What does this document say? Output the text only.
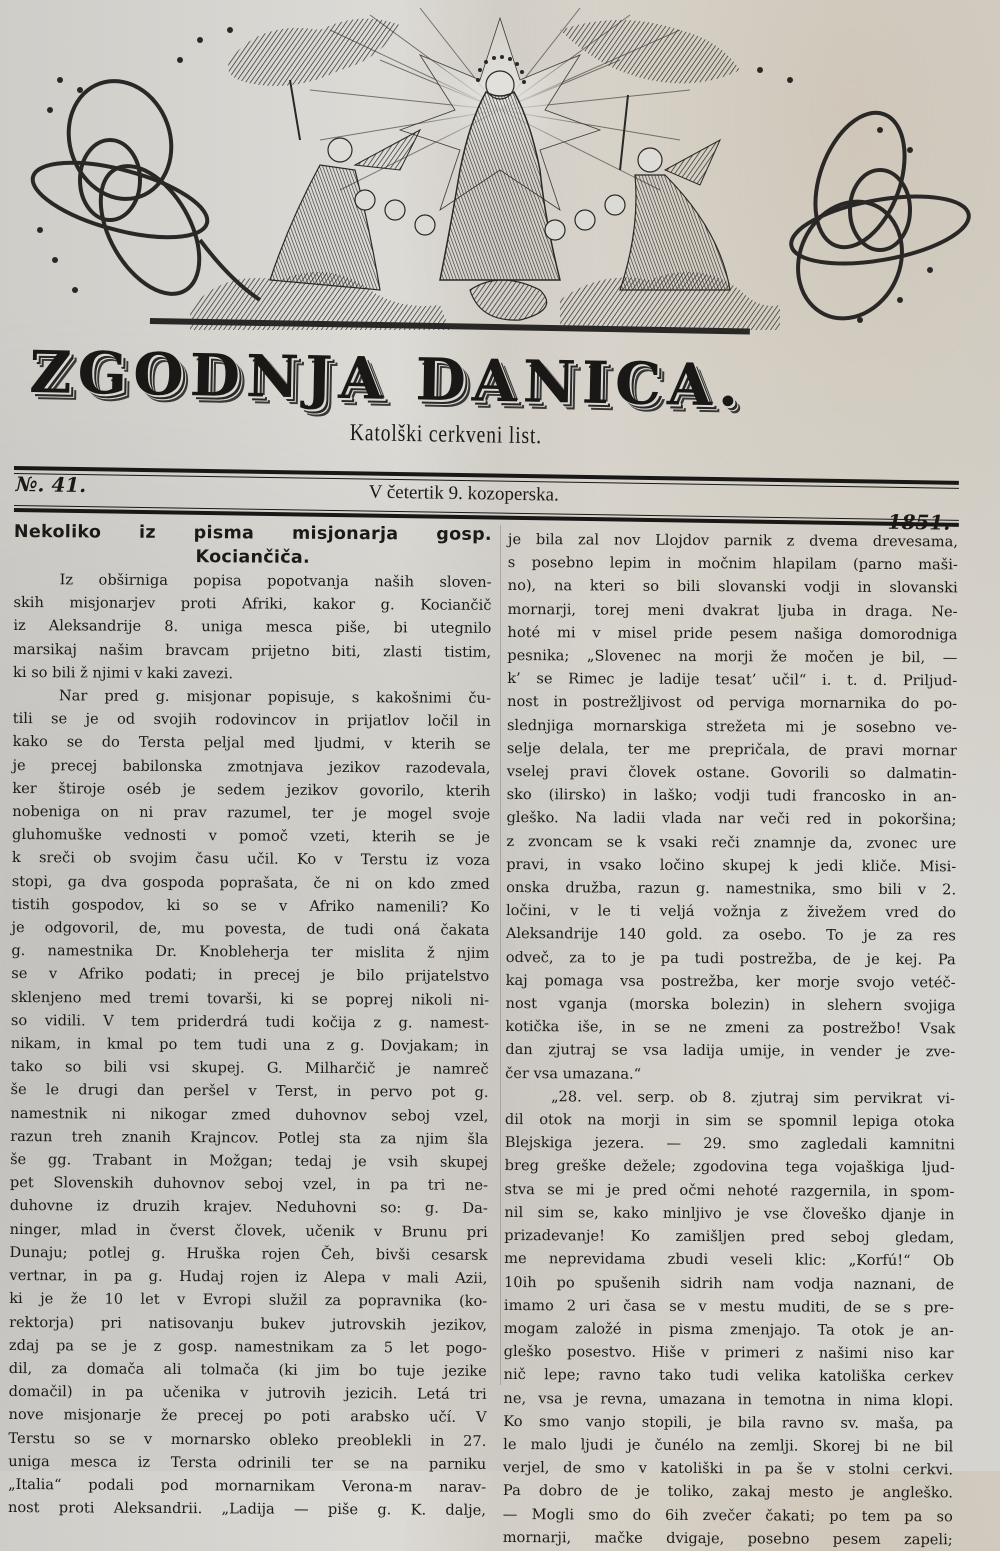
ZGODNJA DANICA.
Katolški cerkveni list.
№. 41.	V četertik 9. kozoperska.
Nekoliko iz pisma misjonarja gosp.
Kociančiča.
Iz obširniga popisa popotvanja naših sloven-
skih misjonarjev proti Afriki, kakor g. Kociančič
iz Aleksandrije 8. uniga mesca piše, bi utegnilo
marsikaj našim bravcam prijetno biti, zlasti tistim,
ki so bili ž njimi v kaki zavezi.
Nar pred g. misjonar popisuje, s kakošnimi ču-
tili se je od svojih rodovincov in prijatlov ločil in
kako se do Tersta peljal med ljudmi, v kterih se
je precej babilonska zmotnjava jezikov razodevala,
ker štiroje oséb je sedem jezikov govorilo, kterih
nobeniga on ni prav razumel, ter je mogel svoje
gluhomuške vednosti v pomoč vzeti, kterih se je
k sreči ob svojim času učil. Ko v Terstu iz voza
stopi, ga dva gospoda poprašata, če ni on kdo zmed
tistih gospodov, ki so se v Afriko namenili? Ko
je odgovoril, de, mu povesta, de tudi oná čakata
g. namestnika Dr. Knobleherja ter mislita ž njim
se v Afriko podati; in precej je bilo prijatelstvo
sklenjeno med tremi tovarši, ki se poprej nikoli ni-
so vidili. V tem priderdrá tudi kočija z g. namest-
nikam, in kmal po tem tudi una z g. Dovjakam; in
tako so bili vsi skupej. G. Milharčič je namreč
še le drugi dan peršel v Terst, in pervo pot g.
namestnik ni nikogar zmed duhovnov seboj vzel,
razun treh znanih Krajncov. Potlej sta za njim šla
še gg. Trabant in Možgan; tedaj je vsih skupej
pet Slovenskih duhovnov seboj vzel, in pa tri ne-
duhovne iz druzih krajev. Neduhovni so: g. Da-
ninger, mlad in čverst človek, učenik v Brunu pri
Dunaju; potlej g. Hruška rojen Čeh, bivši cesarsk
vertnar, in pa g. Hudaj rojen iz Alepa v mali Azii,
ki je že 10 let v Evropi služil za popravnika (ko-
rektorja) pri natisovanju bukev jutrovskih jezikov,
zdaj pa se je z gosp. namestnikam za 5 let pogo-
dil, za domača ali tolmača (ki jim bo tuje jezike
domačil) in pa učenika v jutrovih jezicih. Letá tri
nove misjonarje že precej po poti arabsko učí. V
Terstu so se v mornarsko obleko preoblekli in 27.
uniga mesca iz Tersta odrinili ter se na parniku
„Italia“ podali pod mornarnikam Verona-m narav-
nost proti Aleksandrii. „Ladija — piše g. K. dalje,
je bila zal nov Llojdov parnik z dvema drevesama,
s posebno lepim in močnim hlapilam (parno maši-
no), na kteri so bili slovanski vodji in slovanski
mornarji, torej meni dvakrat ljuba in draga. Ne-
hoté mi v misel pride pesem našiga domorodniga
pesnika; „Slovenec na morji že močen je bil, —
k’ se Rimec je ladije tesat’ učil“ i. t. d. Priljud-
nost in postrežljivost od perviga mornarnika do po-
slednjiga mornarskiga strežeta mi je sosebno ve-
selje delala, ter me prepričala, de pravi mornar
vselej pravi človek ostane. Govorili so dalmatin-
sko (ilirsko) in laško; vodji tudi francosko in an-
gleško. Na ladii vlada nar veči red in pokoršina;
z zvoncam se k vsaki reči znamnje da, zvonec ure
pravi, in vsako ločino skupej k jedi kliče. Misi-
onska družba, razun g. namestnika, smo bili v 2.
ločini, v le ti veljá vožnja z živežem vred do
Aleksandrije 140 gold. za osebo. To je za res
odveč, za to je pa tudi postrežba, de je kej. Pa
kaj pomaga vsa postrežba, ker morje svojo vetéč-
nost vganja (morska bolezin) in slehern svojiga
kotička iše, in se ne zmeni za postrežbo! Vsak
dan zjutraj se vsa ladija umije, in vender je zve-
čer vsa umazana.“
„28. vel. serp. ob 8. zjutraj sim pervikrat vi-
dil otok na morji in sim se spomnil lepiga otoka
Blejskiga jezera. — 29. smo zagledali kamnitni
breg greške dežele; zgodovina tega vojaškiga ljud-
stva se mi je pred očmi nehoté razgernila, in spom-
nil sim se, kako minljivo je vse človeško djanje in
prizadevanje! Ko zamišljen pred seboj gledam,
me neprevidama zbudi veseli klic: „Korfú!“ Ob
10ih po spušenih sidrih nam vodja naznani, de
imamo 2 uri časa se v mestu muditi, de se s pre-
mogam založé in pisma zmenjajo. Ta otok je an-
gleško posestvo. Hiše v primeri z našimi niso kar
nič lepe; ravno tako tudi velika katoliška cerkev
ne, vsa je revna, umazana in temotna in nima klopi.
Ko smo vanjo stopili, je bila ravno sv. maša, pa
le malo ljudi je čunélo na zemlji. Skorej bi ne bil
verjel, de smo v katoliški in pa še v stolni cerkvi.
Pa dobro de je toliko, zakaj mesto je angleško.
— Mogli smo do 6ih zvečer čakati; po tem pa so
mornarji, mačke dvigaje, posebno pesem zapeli;
